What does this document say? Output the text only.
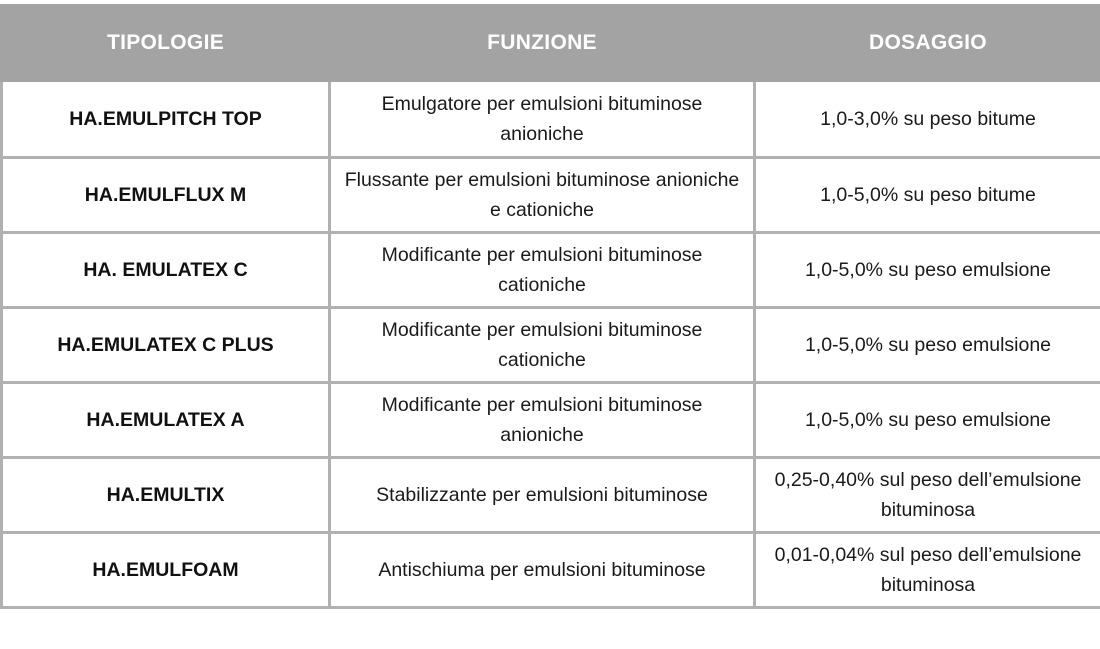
TIPOLOGIE	FUNZIONE	DOSAGGIO
HA.EMULPITCH TOP	Emulgatore per emulsioni bituminose anioniche	1,0-3,0% su peso bitume
HA.EMULFLUX M	Flussante per emulsioni bituminose anioniche e cationiche	1,0-5,0% su peso bitume
HA. EMULATEX C	Modificante per emulsioni bituminose cationiche	1,0-5,0% su peso emulsione
HA.EMULATEX C PLUS	Modificante per emulsioni bituminose cationiche	1,0-5,0% su peso emulsione
HA.EMULATEX A	Modificante per emulsioni bituminose anioniche	1,0-5,0% su peso emulsione
HA.EMULTIX	Stabilizzante per emulsioni bituminose	0,25-0,40% sul peso dell’emulsione bituminosa
HA.EMULFOAM	Antischiuma per emulsioni bituminose	0,01-0,04% sul peso dell’emulsione bituminosa
